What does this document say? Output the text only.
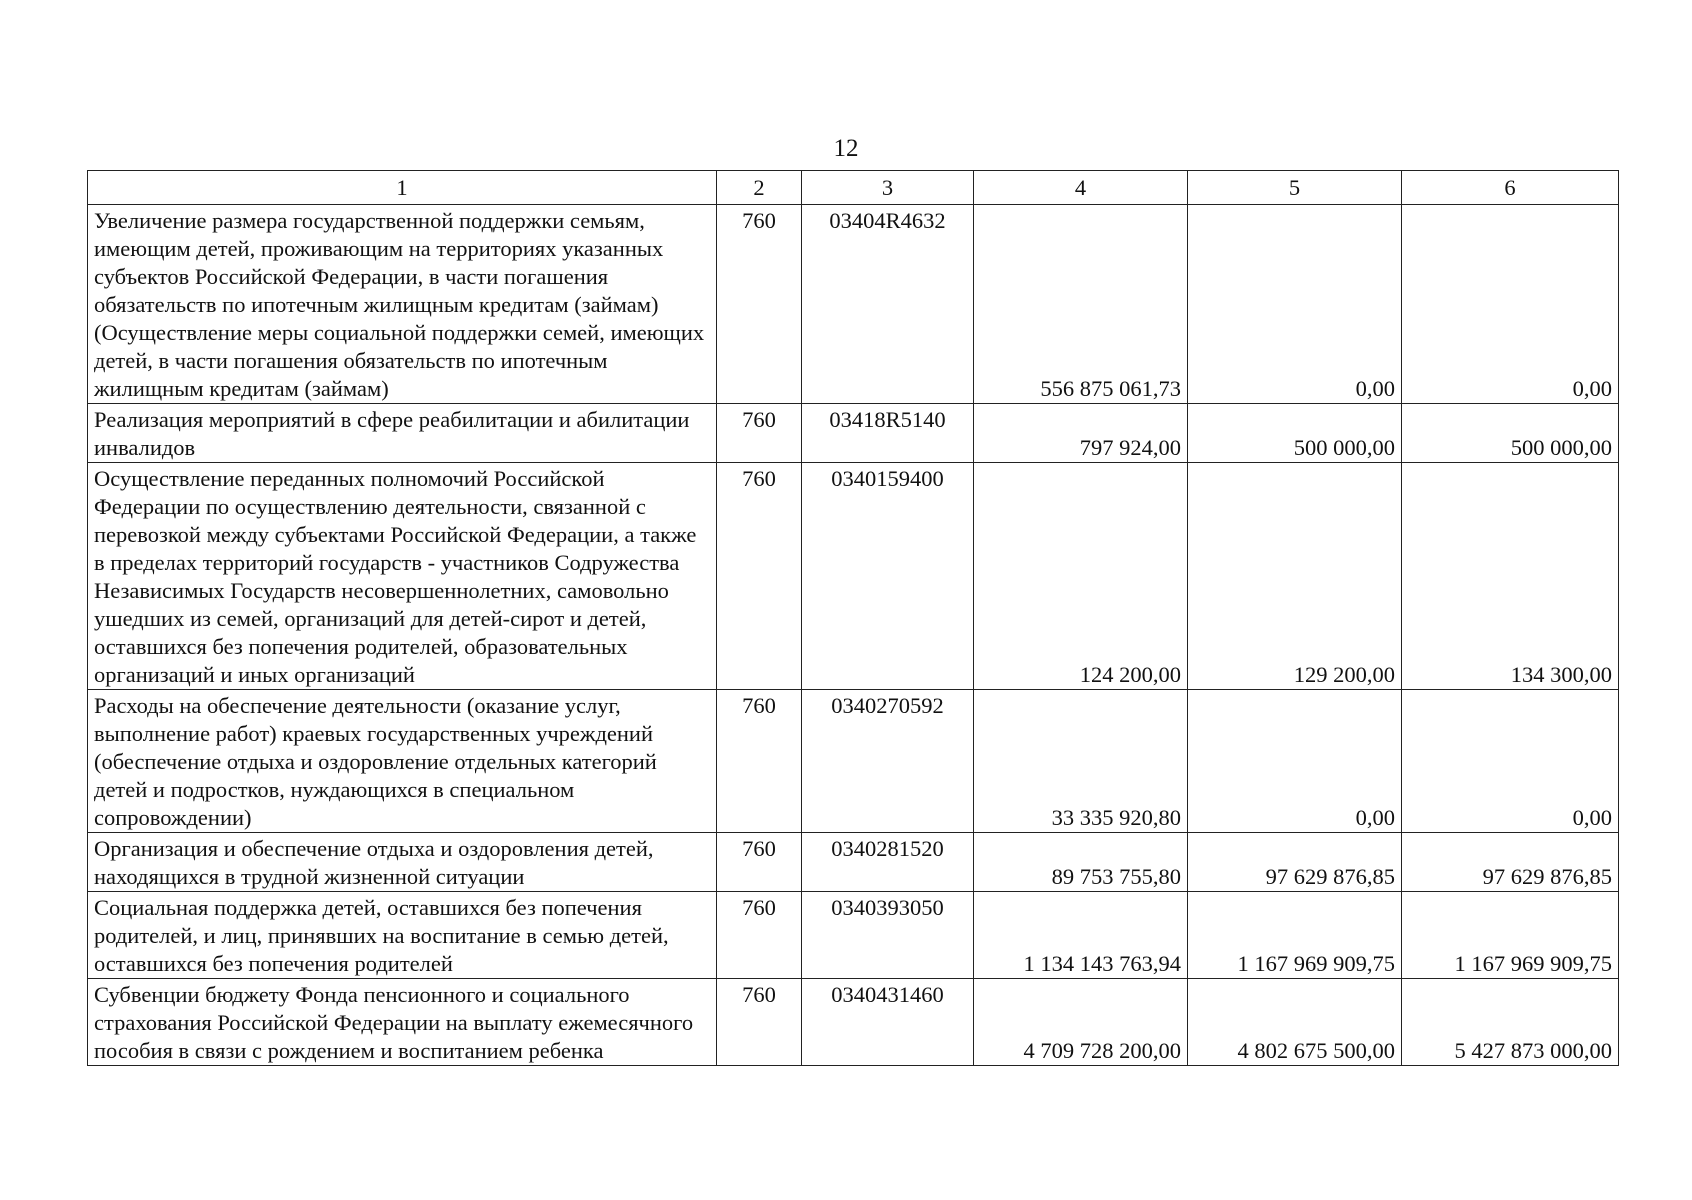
12
1	2	3	4	5	6
Увеличение размера государственной поддержки семьям, имеющим детей, проживающим на территориях указанных субъектов Российской Федерации, в части погашения обязательств по ипотечным жилищным кредитам (займам) (Осуществление меры социальной поддержки семей, имеющих детей, в части погашения обязательств по ипотечным жилищным кредитам (займам)	760	03404R4632	556 875 061,73	0,00	0,00
Реализация мероприятий в сфере реабилитации и абилитации инвалидов	760	03418R5140	797 924,00	500 000,00	500 000,00
Осуществление переданных полномочий Российской Федерации по осуществлению деятельности, связанной с перевозкой между субъектами Российской Федерации, а также в пределах территорий государств - участников Содружества Независимых Государств несовершеннолетних, самовольно ушедших из семей, организаций для детей-сирот и детей, оставшихся без попечения родителей, образовательных организаций и иных организаций	760	0340159400	124 200,00	129 200,00	134 300,00
Расходы на обеспечение деятельности (оказание услуг, выполнение работ) краевых государственных учреждений (обеспечение отдыха и оздоровление отдельных категорий детей и подростков, нуждающихся в специальном сопровождении)	760	0340270592	33 335 920,80	0,00	0,00
Организация и обеспечение отдыха и оздоровления детей, находящихся в трудной жизненной ситуации	760	0340281520	89 753 755,80	97 629 876,85	97 629 876,85
Социальная поддержка детей, оставшихся без попечения родителей, и лиц, принявших на воспитание в семью детей, оставшихся без попечения родителей	760	0340393050	1 134 143 763,94	1 167 969 909,75	1 167 969 909,75
Субвенции бюджету Фонда пенсионного и социального страхования Российской Федерации на выплату ежемесячного пособия в связи с рождением и воспитанием ребенка	760	0340431460	4 709 728 200,00	4 802 675 500,00	5 427 873 000,00
